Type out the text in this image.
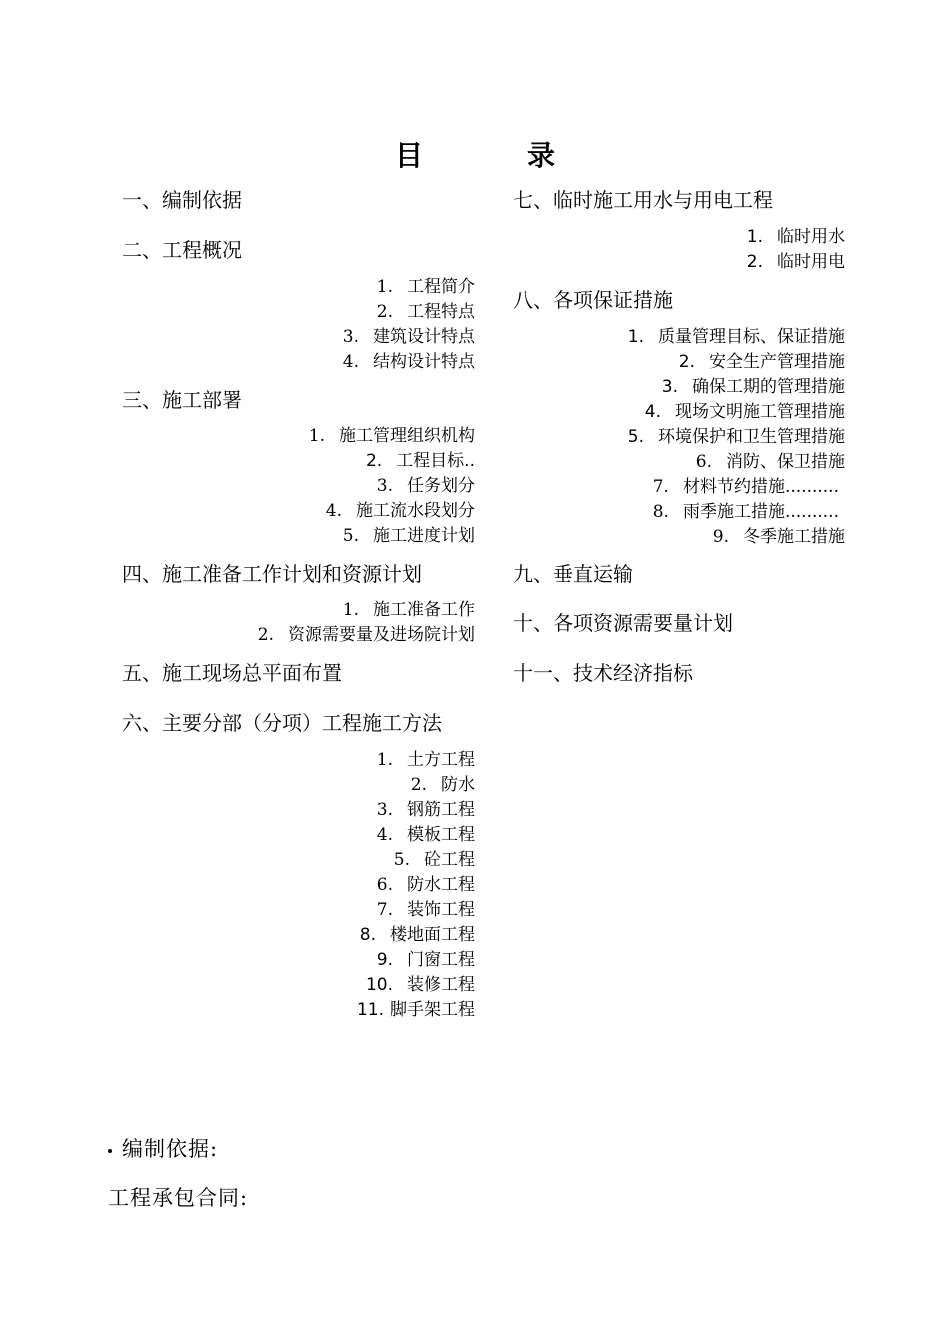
目	录
一、编制依据
二、工程概况
1. 工程简介
2. 工程特点
3. 建筑设计特点
4. 结构设计特点
三、施工部署
1. 施工管理组织机构
2. 工程目标..
3. 任务划分
4. 施工流水段划分
5. 施工进度计划
四、施工准备工作计划和资源计划
1. 施工准备工作
2. 资源需要量及进场院计划
五、施工现场总平面布置
六、主要分部（分项）工程施工方法
1. 土方工程
2. 防水
3. 钢筋工程
4. 模板工程
5. 砼工程
6. 防水工程
7. 装饰工程
8. 楼地面工程
9. 门窗工程
10. 装修工程
11. 脚手架工程
七、临时施工用水与用电工程
1. 临时用水
2. 临时用电
八、各项保证措施
1. 质量管理目标、保证措施
2. 安全生产管理措施
3. 确保工期的管理措施
4. 现场文明施工管理措施
5. 环境保护和卫生管理措施
6. 消防、保卫措施
7. 材料节约措施..........
8. 雨季施工措施..........
9. 冬季施工措施
九、垂直运输
十、各项资源需要量计划
十一、技术经济指标
编制依据:
工程承包合同:
